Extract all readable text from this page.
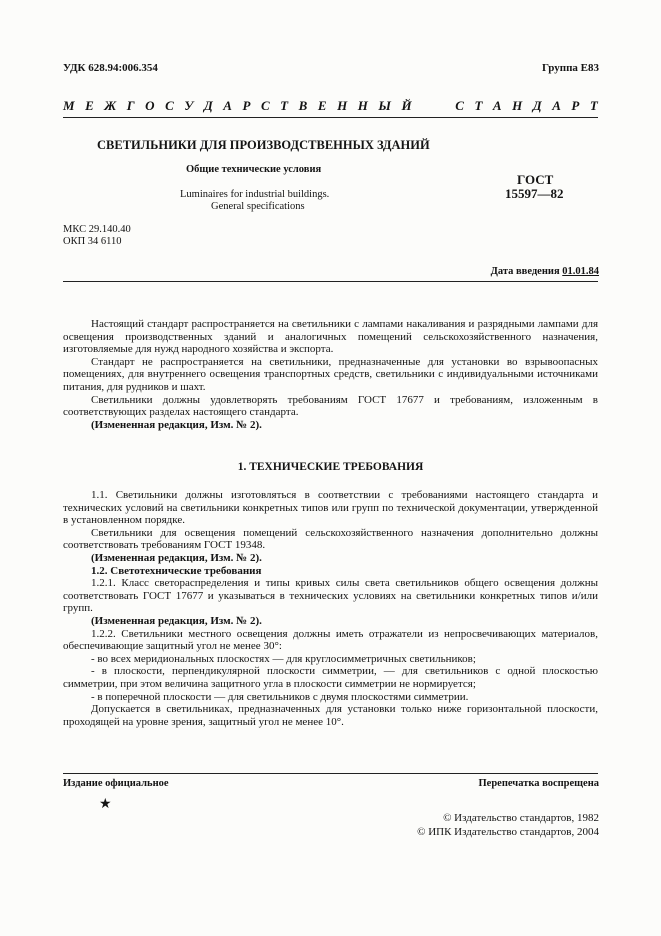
УДК 628.94:006.354	Группа Е83
М Е Ж Г О С У Д А Р С Т В Е Н Н Ы Й	С Т А Н Д А Р Т
СВЕТИЛЬНИКИ ДЛЯ ПРОИЗВОДСТВЕННЫХ ЗДАНИЙ
Общие технические условия
Luminaires for industrial buildings.
General specifications
ГОСТ
15597—82
МКС 29.140.40
ОКП 34 6110
Дата введения 01.01.84

Настоящий стандарт распространяется на светильники с лампами накаливания и разрядными лампами для освещения производственных зданий и аналогичных помещений сельскохозяйственного назначения, изготовляемые для нужд народного хозяйства и экспорта.

Стандарт не распространяется на светильники, предназначенные для установки во взрывоопасных помещениях, для внутреннего освещения транспортных средств, светильники с индивидуальными источниками питания, для рудников и шахт.

Светильники должны удовлетворять требованиям ГОСТ 17677 и требованиям, изложенным в соответствующих разделах настоящего стандарта.

(Измененная редакция, Изм. № 2).

1. ТЕХНИЧЕСКИЕ ТРЕБОВАНИЯ

1.1. Светильники должны изготовляться в соответствии с требованиями настоящего стандарта и технических условий на светильники конкретных типов или групп по технической документации, утвержденной в установленном порядке.

Светильники для освещения помещений сельскохозяйственного назначения дополнительно должны соответствовать требованиям ГОСТ 19348.

(Измененная редакция, Изм. № 2).

1.2. Светотехнические требования

1.2.1. Класс светораспределения и типы кривых силы света светильников общего освещения должны соответствовать ГОСТ 17677 и указываться в технических условиях на светильники конкретных типов и/или групп.

(Измененная редакция, Изм. № 2).

1.2.2. Светильники местного освещения должны иметь отражатели из непросвечивающих материалов, обеспечивающие защитный угол не менее 30°:

- во всех меридиональных плоскостях — для круглосимметричных светильников;

- в плоскости, перпендикулярной плоскости симметрии, — для светильников с одной плоскостью симметрии, при этом величина защитного угла в плоскости симметрии не нормируется;

- в поперечной плоскости — для светильников с двумя плоскостями симметрии.

Допускается в светильниках, предназначенных для установки только ниже горизонтальной плоскости, проходящей на уровне зрения, защитный угол не менее 10°.

Издание официальное	Перепечатка воспрещена
★
© Издательство стандартов, 1982
© ИПК Издательство стандартов, 2004
